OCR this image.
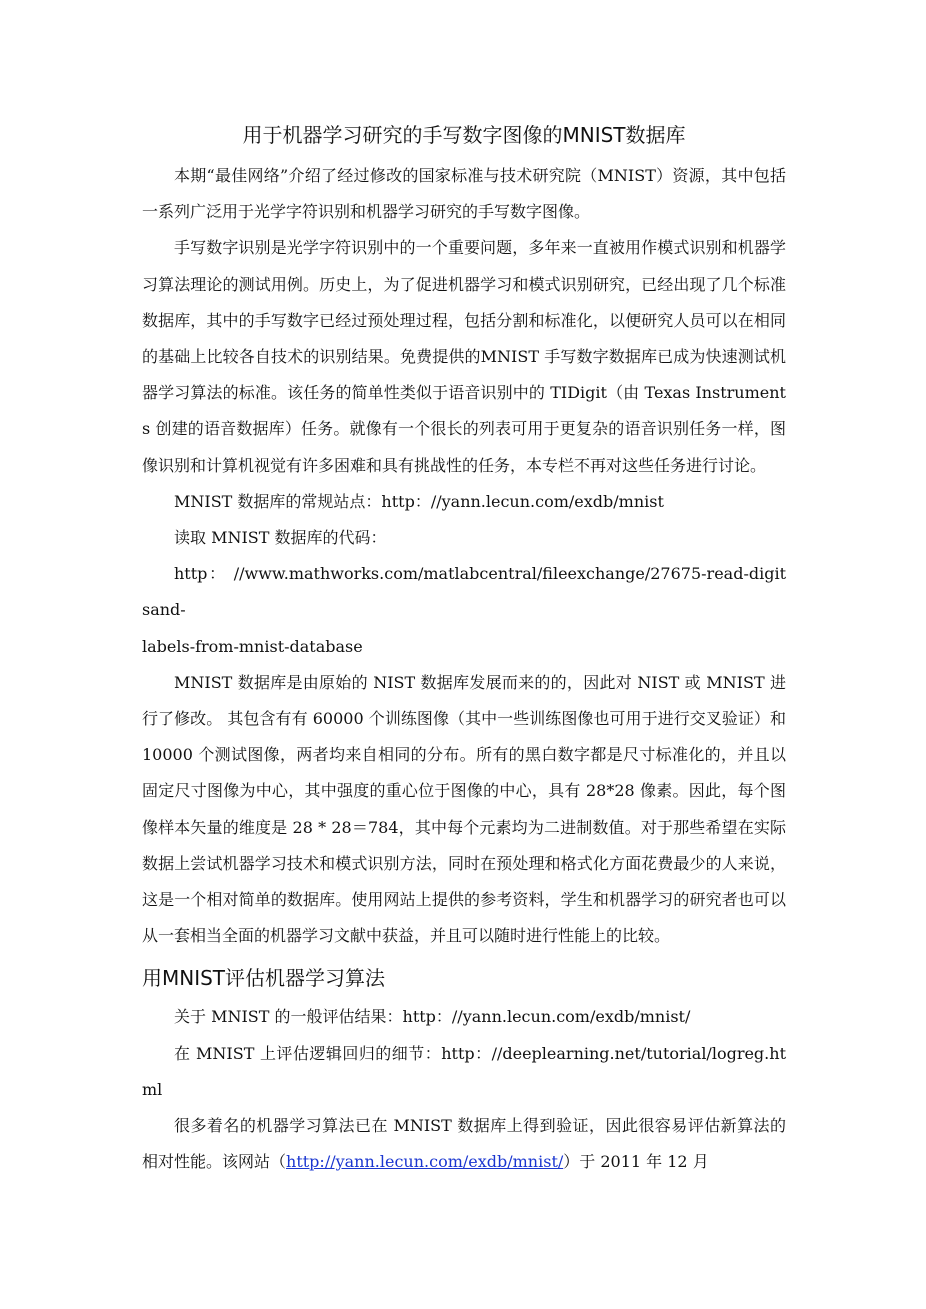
用于机器学习研究的手写数字图像的MNIST数据库

本期“最佳网络”介绍了经过修改的国家标准与技术研究院（MNIST）资源，其中包括一系列广泛用于光学字符识别和机器学习研究的手写数字图像。

手写数字识别是光学字符识别中的一个重要问题，多年来一直被用作模式识别和机器学习算法理论的测试用例。历史上，为了促进机器学习和模式识别研究，已经出现了几个标准数据库，其中的手写数字已经过预处理过程，包括分割和标准化，以便研究人员可以在相同的基础上比较各自技术的识别结果。免费提供的MNIST 手写数字数据库已成为快速测试机器学习算法的标准。该任务的简单性类似于语音识别中的 TIDigit（由 Texas Instruments 创建的语音数据库）任务。就像有一个很长的列表可用于更复杂的语音识别任务一样，图像识别和计算机视觉有许多困难和具有挑战性的任务，本专栏不再对这些任务进行讨论。

MNIST 数据库的常规站点：http：//yann.lecun.com/exdb/mnist

读取 MNIST 数据库的代码：

http： //www.mathworks.com/matlabcentral/fileexchange/27675-read-digitsand-

labels-from-mnist-database

MNIST 数据库是由原始的 NIST 数据库发展而来的的，因此对 NIST 或 MNIST 进行了修改。 其包含有有 60000 个训练图像（其中一些训练图像也可用于进行交叉验证）和 10000 个测试图像，两者均来自相同的分布。所有的黑白数字都是尺寸标准化的，并且以固定尺寸图像为中心，其中强度的重心位于图像的中心，具有 28*28 像素。因此，每个图像样本矢量的维度是 28 * 28＝784，其中每个元素均为二进制数值。对于那些希望在实际数据上尝试机器学习技术和模式识别方法，同时在预处理和格式化方面花费最少的人来说，这是一个相对简单的数据库。使用网站上提供的参考资料，学生和机器学习的研究者也可以从一套相当全面的机器学习文献中获益，并且可以随时进行性能上的比较。

用MNIST评估机器学习算法

关于 MNIST 的一般评估结果：http：//yann.lecun.com/exdb/mnist/

在 MNIST 上评估逻辑回归的细节：http：//deeplearning.net/tutorial/logreg.html

很多着名的机器学习算法已在 MNIST 数据库上得到验证，因此很容易评估新算法的相对性能。该网站（http://yann.lecun.com/exdb/mnist/）于 2011 年 12 月
